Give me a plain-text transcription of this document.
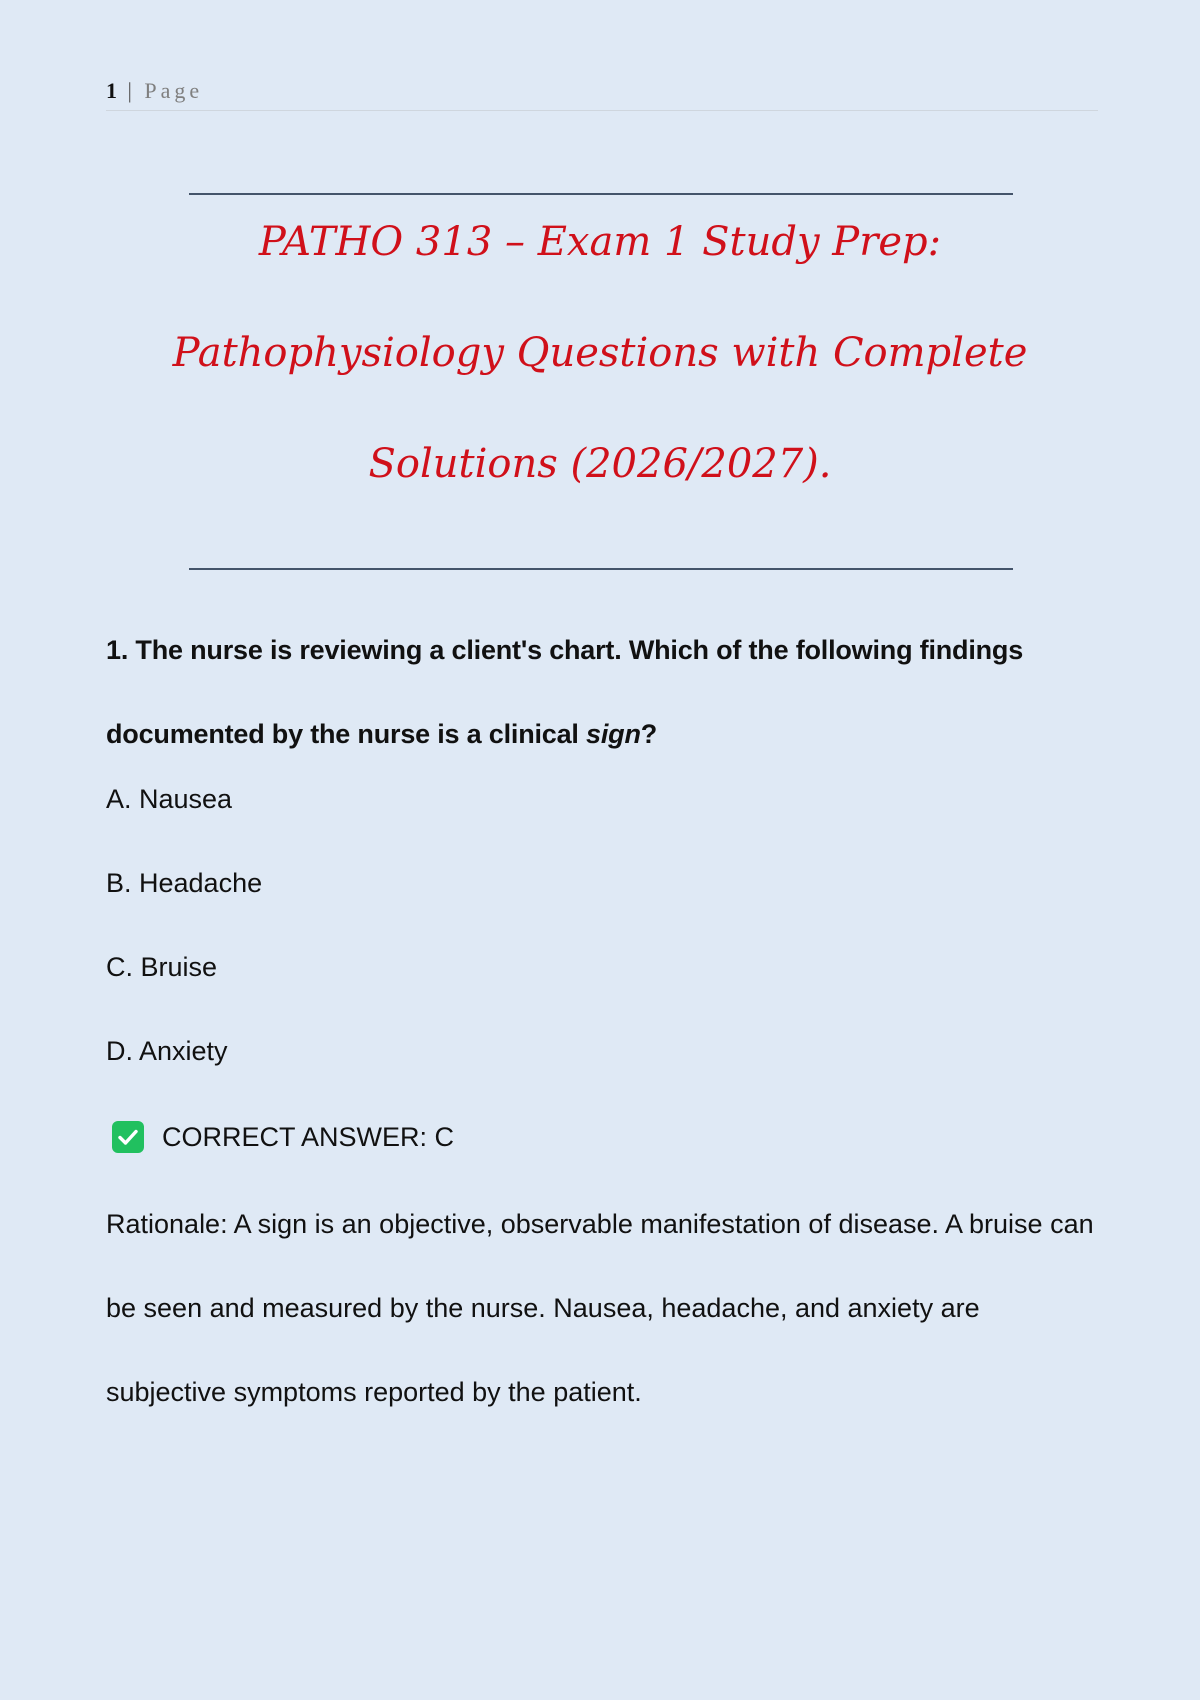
1 | Page
PATHO 313 – Exam 1 Study Prep:
Pathophysiology Questions with Complete
Solutions (2026/2027).
1. The nurse is reviewing a client's chart. Which of the following findings documented by the nurse is a clinical sign?
A. Nausea
B. Headache
C. Bruise
D. Anxiety
CORRECT ANSWER: C
Rationale: A sign is an objective, observable manifestation of disease. A bruise can be seen and measured by the nurse. Nausea, headache, and anxiety are subjective symptoms reported by the patient.
